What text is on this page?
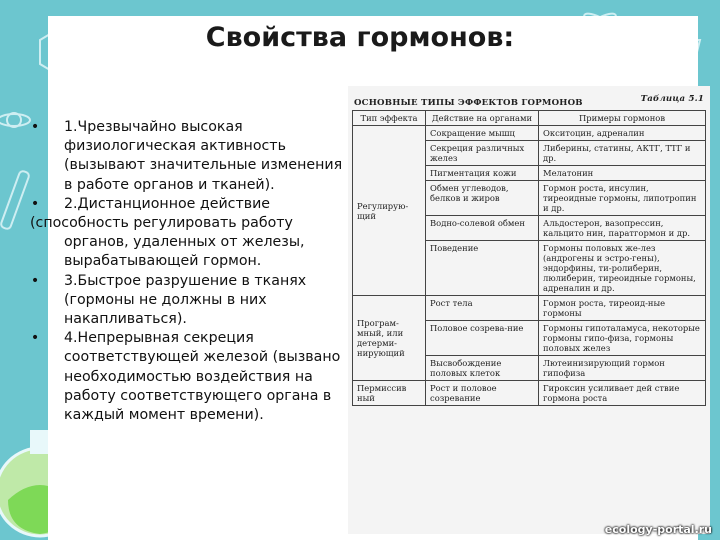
Свойства гормонов:
• 1.Чрезвычайно высокая физиологическая активность (вызывают значительные изменения в работе органов и тканей).
• 2.Дистанционное действие
(способность регулировать работу органов, удаленных от железы, вырабатывающей гормон.
• 3.Быстрое разрушение в тканях (гормоны не должны в них накапливаться).
• 4.Непрерывная секреция соответствующей железой (вызвано необходимостью воздействия на работу соответствующего органа в каждый момент времени).
ОСНОВНЫЕ ТИПЫ ЭФФЕКТОВ ГОРМОНОВ	Таблица 5.1
Тип эффекта	Действие на органами	Примеры гормонов
Регулирую-щий	Сокращение мышц	Окситоцин, адреналин
	Секреция различных желез	Либерины, статины, АКТГ, ТТГ и др.
	Пигментация кожи	Мелатонин
	Обмен углеводов, белков и жиров	Гормон роста, инсулин, тиреоидные гормоны, липотропин и др.
	Водно-солевой обмен	Альдостерон, вазопрессин, кальцито нин, паратгормон и др.
	Поведение	Гормоны половых же-лез (андрогены и эстро-гены), эндорфины, ти-ролиберин, люлиберин, тиреоидные гормоны, адреналин и др.
Програм-мный, или детерми-нирующий	Рост тела	Гормон роста, тиреоид-ные гормоны
	Половое созрева-ние	Гормоны гипоталамуса, некоторые гормоны гипо-физа, гормоны половых желез
	Высвобождение половых клеток	Лютеинизирующий гормон гипофиза
Пермиссив ный	Рост и половое созревание	Гироксин усиливает дей ствие гормона роста
ecology-portal.ru
